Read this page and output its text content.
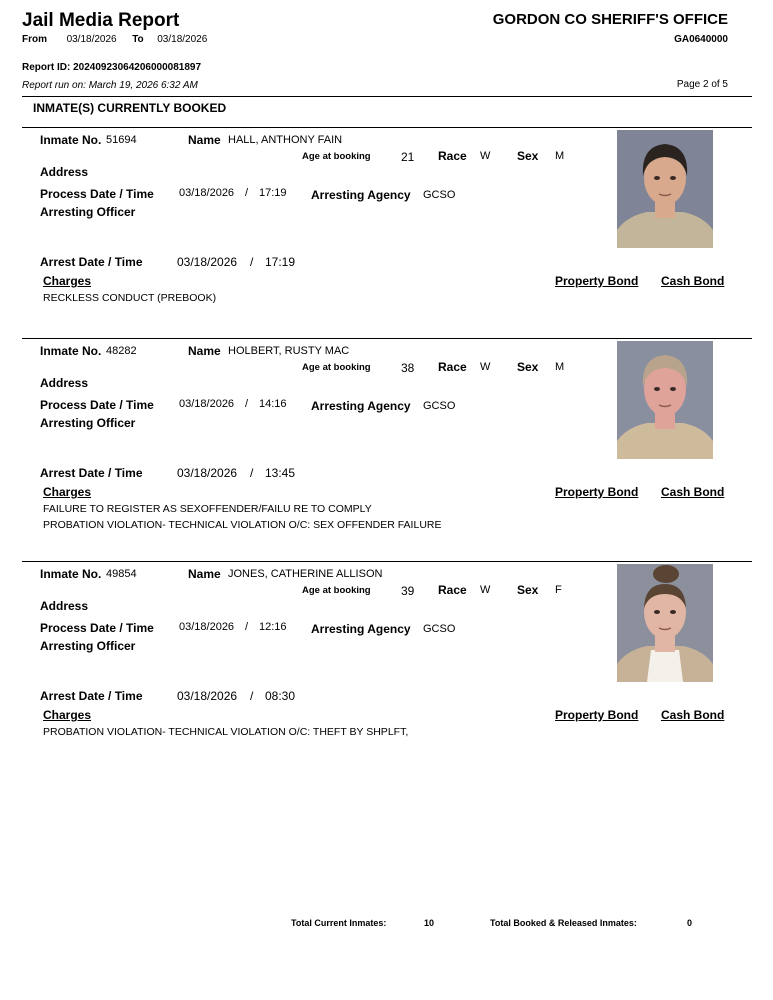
Jail Media Report	GORDON CO SHERIFF'S OFFICE
From 03/18/2026 To 03/18/2026	GA0640000
Report ID: 20240923064206000081897
Report run on: March 19, 2026 6:32 AM	Page 2 of 5
INMATE(S) CURRENTLY BOOKED
Inmate No. 51694	Name HALL, ANTHONY FAIN
Age at booking	21 Race W Sex M
Address
Process Date / Time 03/18/2026 / 17:19 Arresting Agency GCSO
Arresting Officer
Arrest Date / Time	03/18/2026 / 17:19
Charges	Property Bond Cash Bond
RECKLESS CONDUCT (PREBOOK)
Inmate No. 48282	Name HOLBERT, RUSTY MAC
Age at booking	38 Race W Sex M
Address
Process Date / Time 03/18/2026 / 14:16 Arresting Agency GCSO
Arresting Officer
Arrest Date / Time	03/18/2026 / 13:45
Charges	Property Bond Cash Bond
FAILURE TO REGISTER AS SEXOFFENDER/FAILU RE TO COMPLY
PROBATION VIOLATION- TECHNICAL VIOLATION O/C: SEX OFFENDER FAILURE
Inmate No. 49854	Name JONES, CATHERINE ALLISON
Age at booking	39 Race W Sex F
Address
Process Date / Time 03/18/2026 / 12:16 Arresting Agency GCSO
Arresting Officer
Arrest Date / Time	03/18/2026 / 08:30
Charges	Property Bond Cash Bond
PROBATION VIOLATION- TECHNICAL VIOLATION O/C: THEFT BY SHPLFT,
Total Current Inmates:	10	Total Booked & Released Inmates:	0
